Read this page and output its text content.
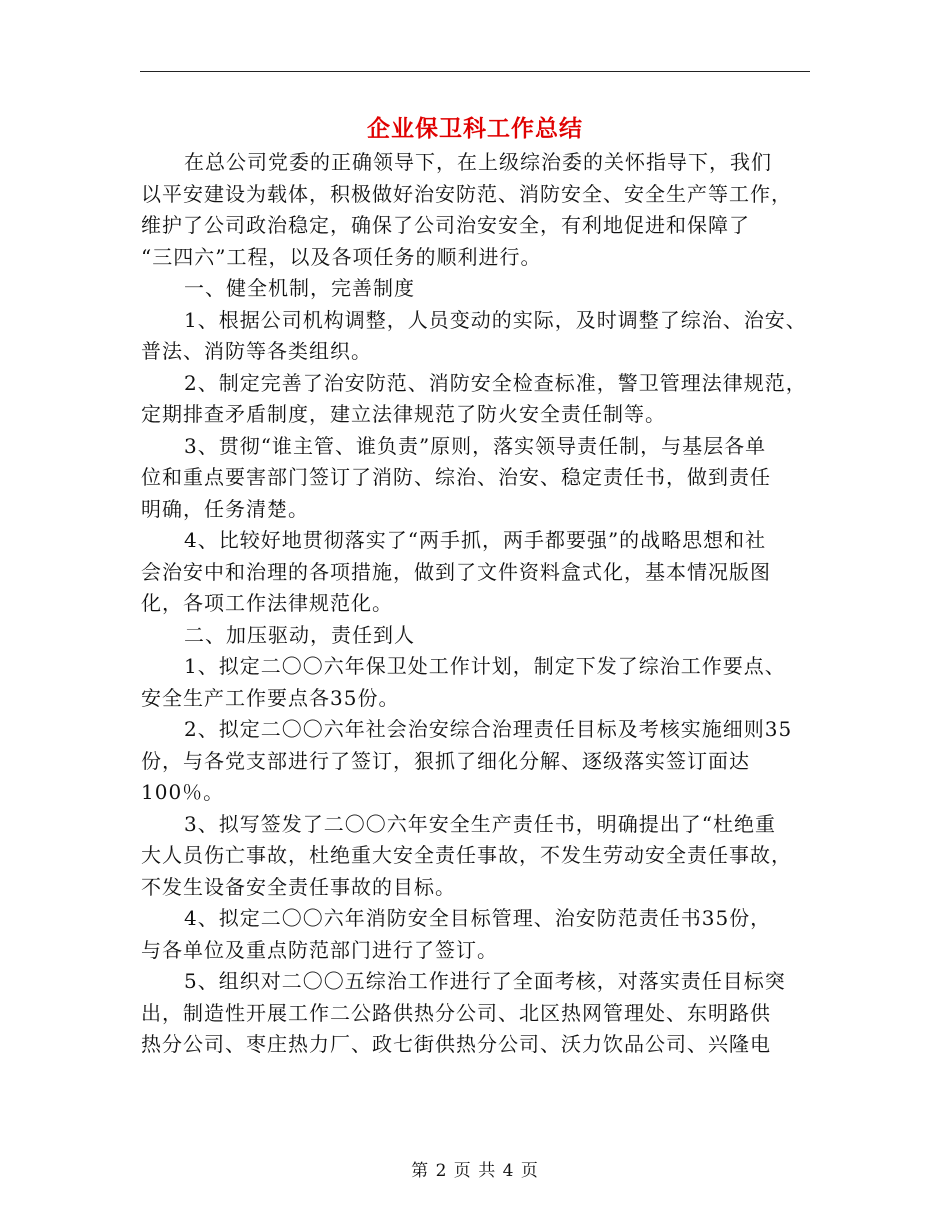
企业保卫科工作总结
在总公司党委的正确领导下，在上级综治委的关怀指导下，我们
以平安建设为载体，积极做好治安防范、消防安全、安全生产等工作，
维护了公司政治稳定，确保了公司治安安全，有利地促进和保障了
“三四六”工程，以及各项任务的顺利进行。
一、健全机制，完善制度
1、根据公司机构调整，人员变动的实际，及时调整了综治、治安、
普法、消防等各类组织。
2、制定完善了治安防范、消防安全检查标准，警卫管理法律规范，
定期排查矛盾制度，建立法律规范了防火安全责任制等。
3、贯彻“谁主管、谁负责”原则，落实领导责任制，与基层各单
位和重点要害部门签订了消防、综治、治安、稳定责任书，做到责任
明确，任务清楚。
4、比较好地贯彻落实了“两手抓，两手都要强”的战略思想和社
会治安中和治理的各项措施，做到了文件资料盒式化，基本情况版图
化，各项工作法律规范化。
二、加压驱动，责任到人
1、拟定二〇〇六年保卫处工作计划，制定下发了综治工作要点、
安全生产工作要点各35份。
2、拟定二〇〇六年社会治安综合治理责任目标及考核实施细则35
份，与各党支部进行了签订，狠抓了细化分解、逐级落实签订面达
100％。
3、拟写签发了二〇〇六年安全生产责任书，明确提出了“杜绝重
大人员伤亡事故，杜绝重大安全责任事故，不发生劳动安全责任事故，
不发生设备安全责任事故的目标。
4、拟定二〇〇六年消防安全目标管理、治安防范责任书35份，
与各单位及重点防范部门进行了签订。
5、组织对二〇〇五综治工作进行了全面考核，对落实责任目标突
出，制造性开展工作二公路供热分公司、北区热网管理处、东明路供
热分公司、枣庄热力厂、政七街供热分公司、沃力饮品公司、兴隆电
第 2 页 共 4 页
